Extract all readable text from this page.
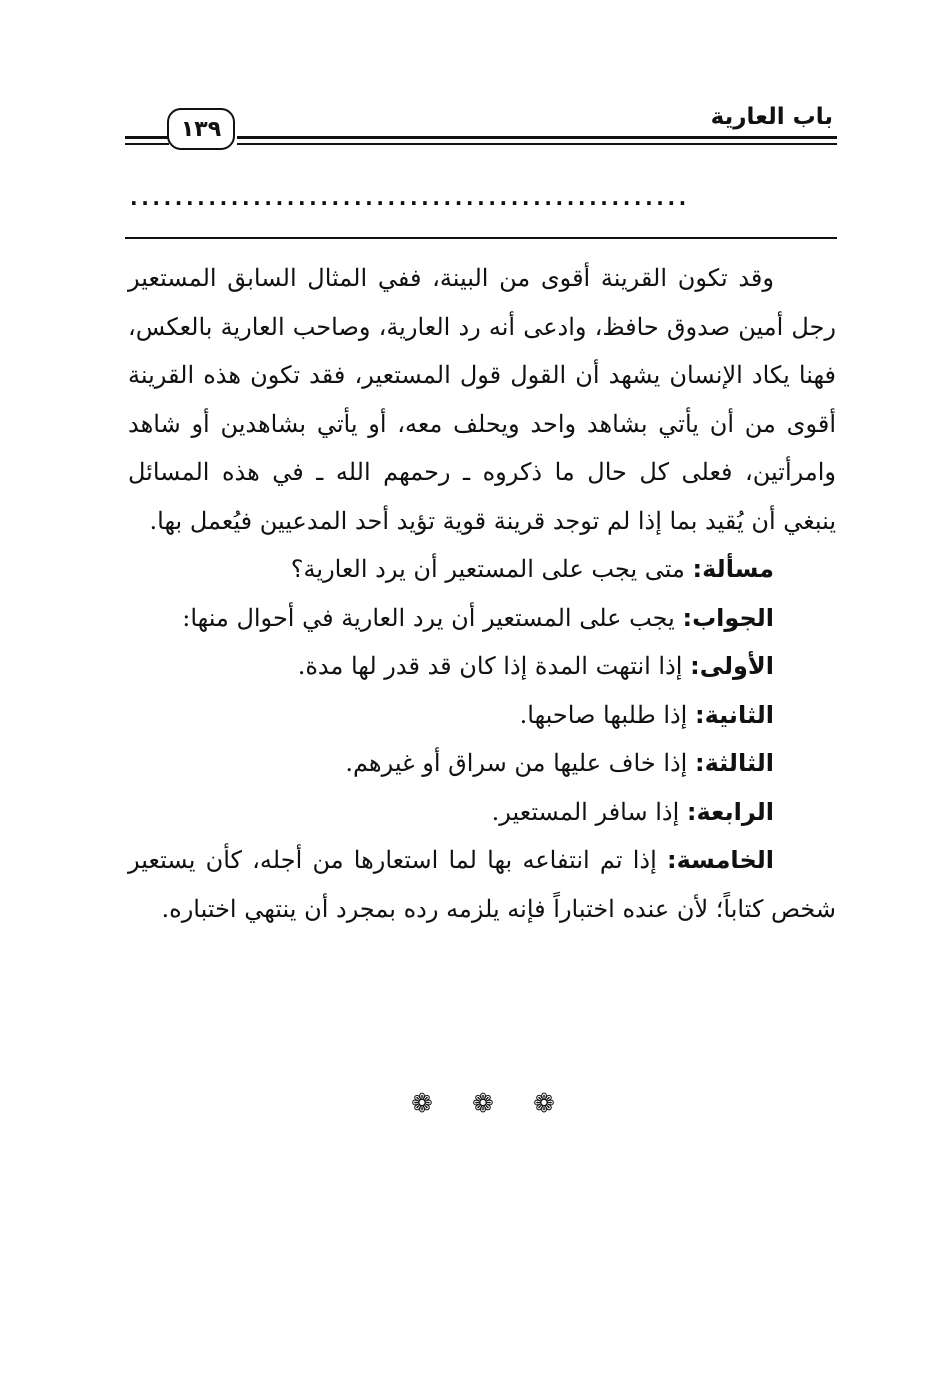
باب العارية
١٣٩
..................................................

وقد تكون القرينة أقوى من البينة، ففي المثال السابق المستعير رجل أمين صدوق حافظ، وادعى أنه رد العارية، وصاحب العارية بالعكس، فهنا يكاد الإنسان يشهد أن القول قول المستعير، فقد تكون هذه القرينة أقوى من أن يأتي بشاهد واحد ويحلف معه، أو يأتي بشاهدين أو شاهد وامرأتين، فعلى كل حال ما ذكروه ـ رحمهم الله ـ في هذه المسائل ينبغي أن يُقيد بما إذا لم توجد قرينة قوية تؤيد أحد المدعيين فيُعمل بها.

مسألة: متى يجب على المستعير أن يرد العارية؟

الجواب: يجب على المستعير أن يرد العارية في أحوال منها:

الأولى: إذا انتهت المدة إذا كان قد قدر لها مدة.

الثانية: إذا طلبها صاحبها.

الثالثة: إذا خاف عليها من سراق أو غيرهم.

الرابعة: إذا سافر المستعير.

الخامسة: إذا تم انتفاعه بها لما استعارها من أجله، كأن يستعير شخص كتاباً؛ لأن عنده اختباراً فإنه يلزمه رده بمجرد أن ينتهي اختباره.

❁ ❁ ❁
